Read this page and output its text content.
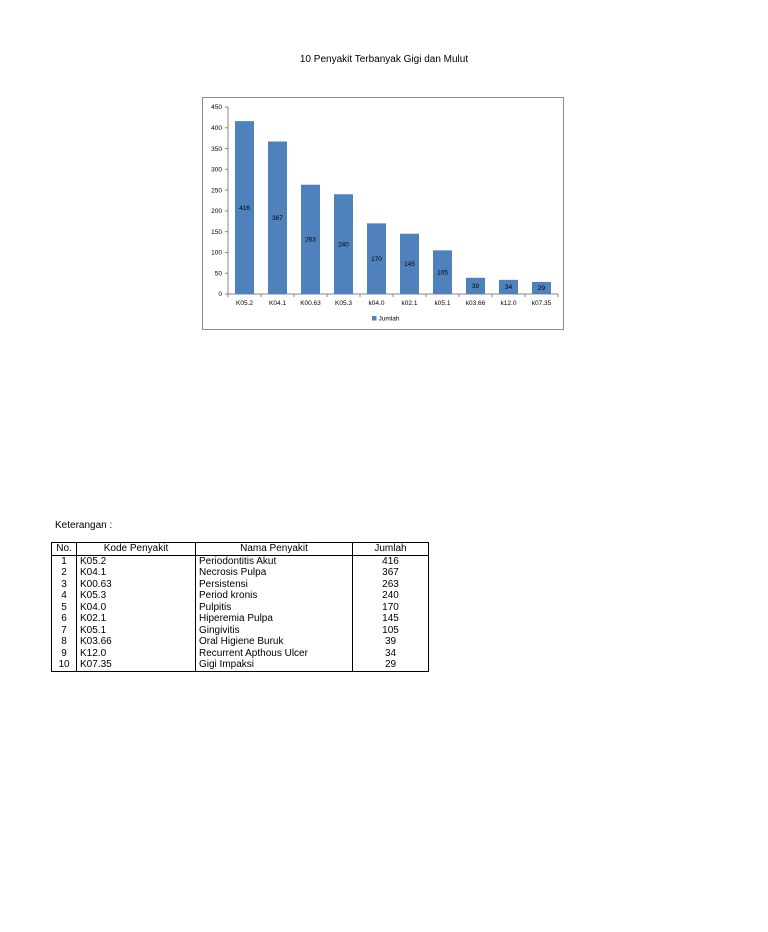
10 Penyakit Terbanyak Gigi dan Mulut
0
50
100
150
200
250
300
350
400
450
416
K05.2
367
K04.1
263
K00.63
240
K05.3
170
k04.0
145
k02.1
105
k05.1
39
k03.66
34
k12.0
29
k07.35
Jumlah
Keterangan :
No.	Kode Penyakit	Nama Penyakit	Jumlah
1	K05.2	Periodontitis Akut	416
2	K04.1	Necrosis Pulpa	367
3	K00.63	Persistensi	263
4	K05.3	Period kronis	240
5	K04.0	Pulpitis	170
6	K02.1	Hiperemia Pulpa	145
7	K05.1	Gingivitis	105
8	K03.66	Oral Higiene Buruk	39
9	K12.0	Recurrent Apthous Ulcer	34
10	K07.35	Gigi Impaksi	29
